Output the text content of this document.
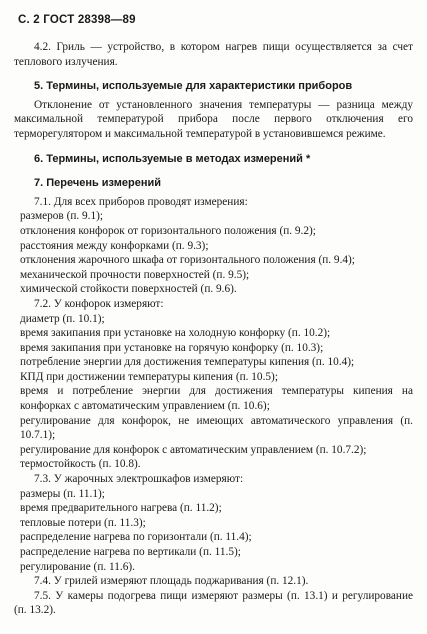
С. 2 ГОСТ 28398—89

4.2. Гриль — устройство, в котором нагрев пищи осуществляется за счет теплового излучения.

5. Термины, используемые для характеристики приборов

Отклонение от установленного значения температуры — разница между максимальной температурой прибора после первого отключения его терморегулятором и максимальной температурой в установившемся режиме.

6. Термины, используемые в методах измерений *
7. Перечень измерений

7.1. Для всех приборов проводят измерения:

размеров (п. 9.1);

отклонения конфорок от горизонтального положения (п. 9.2);

расстояния между конфорками (п. 9.3);

отклонения жарочного шкафа от горизонтального положения (п. 9.4);

механической прочности поверхностей (п. 9.5);

химической стойкости поверхностей (п. 9.6).

7.2. У конфорок измеряют:

диаметр (п. 10.1);

время закипания при установке на холодную конфорку (п. 10.2);

время закипания при установке на горячую конфорку (п. 10.3);

потребление энергии для достижения температуры кипения (п. 10.4);

КПД при достижении температуры кипения (п. 10.5);

время и потребление энергии для достижения температуры кипения на конфорках с автоматическим управлением (п. 10.6);

регулирование для конфорок, не имеющих автоматического управления (п. 10.7.1);

регулирование для конфорок с автоматическим управлением (п. 10.7.2);

термостойкость (п. 10.8).

7.3. У жарочных электрошкафов измеряют:

размеры (п. 11.1);

время предварительного нагрева (п. 11.2);

тепловые потери (п. 11.3);

распределение нагрева по горизонтали (п. 11.4);

распределение нагрева по вертикали (п. 11.5);

регулирование (п. 11.6).

7.4. У грилей измеряют площадь поджаривания (п. 12.1).

7.5. У камеры подогрева пищи измеряют размеры (п. 13.1) и регулирование (п. 13.2).
